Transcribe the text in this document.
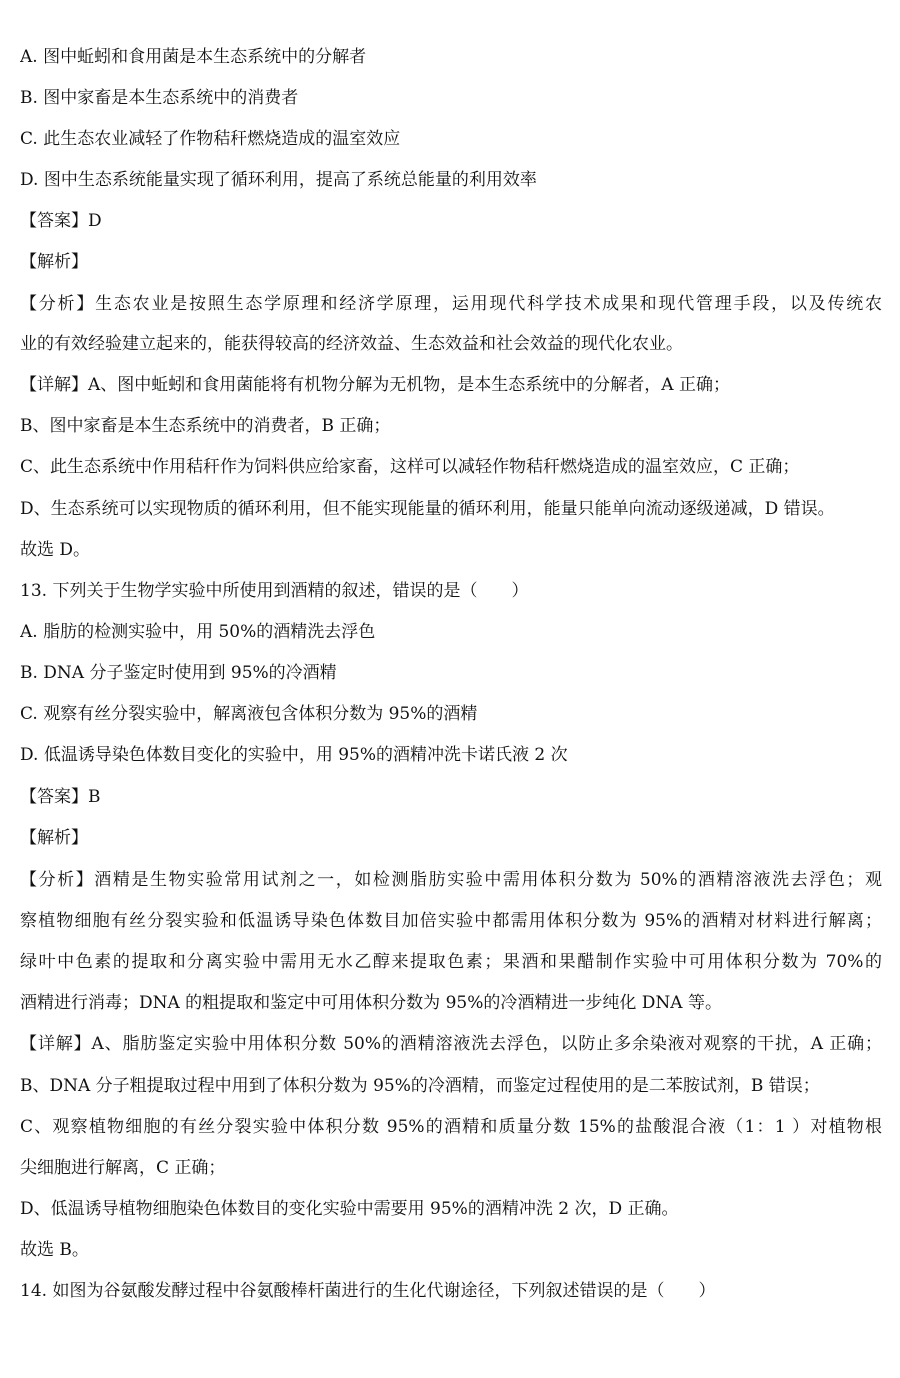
A. 图中蚯蚓和食用菌是本生态系统中的分解者
B. 图中家畜是本生态系统中的消费者
C. 此生态农业减轻了作物秸秆燃烧造成的温室效应
D. 图中生态系统能量实现了循环利用，提高了系统总能量的利用效率
【答案】D
【解析】
【分析】生态农业是按照生态学原理和经济学原理，运用现代科学技术成果和现代管理手段，以及传统农
业的有效经验建立起来的，能获得较高的经济效益、生态效益和社会效益的现代化农业。
【详解】A、图中蚯蚓和食用菌能将有机物分解为无机物，是本生态系统中的分解者，A 正确；
B、图中家畜是本生态系统中的消费者，B 正确；
C、此生态系统中作用秸秆作为饲料供应给家畜，这样可以减轻作物秸秆燃烧造成的温室效应，C 正确；
D、生态系统可以实现物质的循环利用，但不能实现能量的循环利用，能量只能单向流动逐级递减，D 错误。
故选 D。
13. 下列关于生物学实验中所使用到酒精的叙述，错误的是（　　）
A. 脂肪的检测实验中，用 50%的酒精洗去浮色
B. DNA 分子鉴定时使用到 95%的冷酒精
C. 观察有丝分裂实验中，解离液包含体积分数为 95%的酒精
D. 低温诱导染色体数目变化的实验中，用 95%的酒精冲洗卡诺氏液 2 次
【答案】B
【解析】
【分析】酒精是生物实验常用试剂之一，如检测脂肪实验中需用体积分数为 50%的酒精溶液洗去浮色；观
察植物细胞有丝分裂实验和低温诱导染色体数目加倍实验中都需用体积分数为 95%的酒精对材料进行解离；
绿叶中色素的提取和分离实验中需用无水乙醇来提取色素；果酒和果醋制作实验中可用体积分数为 70%的
酒精进行消毒；DNA 的粗提取和鉴定中可用体积分数为 95%的冷酒精进一步纯化 DNA 等。
【详解】A、脂肪鉴定实验中用体积分数 50%的酒精溶液洗去浮色，以防止多余染液对观察的干扰，A 正确；
B、DNA 分子粗提取过程中用到了体积分数为 95%的冷酒精，而鉴定过程使用的是二苯胺试剂，B 错误；
C、观察植物细胞的有丝分裂实验中体积分数 95%的酒精和质量分数 15%的盐酸混合液（1：1 ）对植物根
尖细胞进行解离，C 正确；
D、低温诱导植物细胞染色体数目的变化实验中需要用 95%的酒精冲洗 2 次，D 正确。
故选 B。
14. 如图为谷氨酸发酵过程中谷氨酸棒杆菌进行的生化代谢途径，下列叙述错误的是（　　）
